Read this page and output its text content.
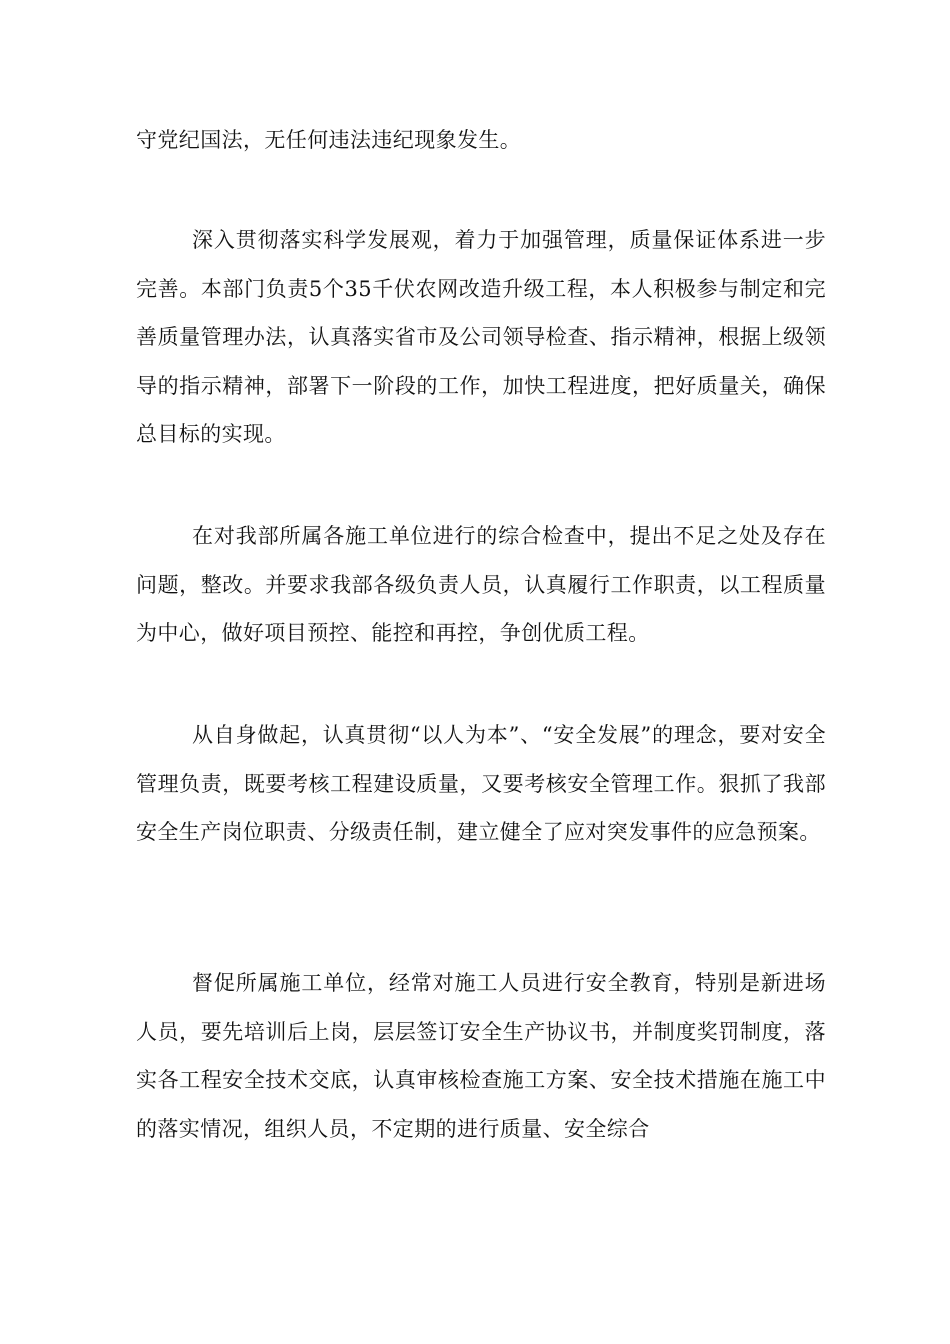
守党纪国法，无任何违法违纪现象发生。

深入贯彻落实科学发展观，着力于加强管理，质量保证体系进一步完善。本部门负责5个35千伏农网改造升级工程，本人积极参与制定和完善质量管理办法，认真落实省市及公司领导检查、指示精神，根据上级领导的指示精神，部署下一阶段的工作，加快工程进度，把好质量关，确保总目标的实现。

在对我部所属各施工单位进行的综合检查中，提出不足之处及存在问题，整改。并要求我部各级负责人员，认真履行工作职责，以工程质量为中心，做好项目预控、能控和再控，争创优质工程。

从自身做起，认真贯彻“以人为本”、“安全发展”的理念，要对安全管理负责，既要考核工程建设质量，又要考核安全管理工作。狠抓了我部安全生产岗位职责、分级责任制，建立健全了应对突发事件的应急预案。

督促所属施工单位，经常对施工人员进行安全教育，特别是新进场人员，要先培训后上岗，层层签订安全生产协议书，并制度奖罚制度，落实各工程安全技术交底，认真审核检查施工方案、安全技术措施在施工中的落实情况，组织人员，不定期的进行质量、安全综合
